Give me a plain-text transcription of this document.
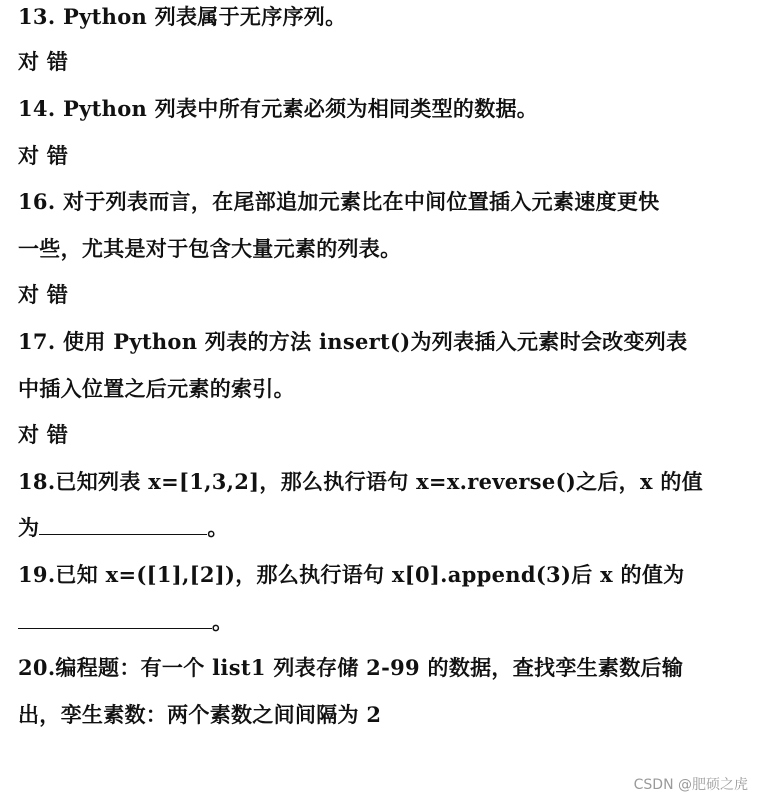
13. Python 列表属于无序序列。
对 错
14. Python 列表中所有元素必须为相同类型的数据。
对 错
16. 对于列表而言，在尾部追加元素比在中间位置插入元素速度更快
一些，尤其是对于包含大量元素的列表。
对 错
17. 使用 Python 列表的方法 insert()为列表插入元素时会改变列表
中插入位置之后元素的索引。
对 错
18.已知列表 x=[1,3,2]，那么执行语句 x=x.reverse()之后，x 的值
为	。
19.已知 x=([1],[2])，那么执行语句 x[0].append(3)后 x 的值为
。
20.编程题：有一个 list1 列表存储 2-99 的数据，查找孪生素数后输
出，孪生素数：两个素数之间间隔为 2
CSDN @肥硕之虎
